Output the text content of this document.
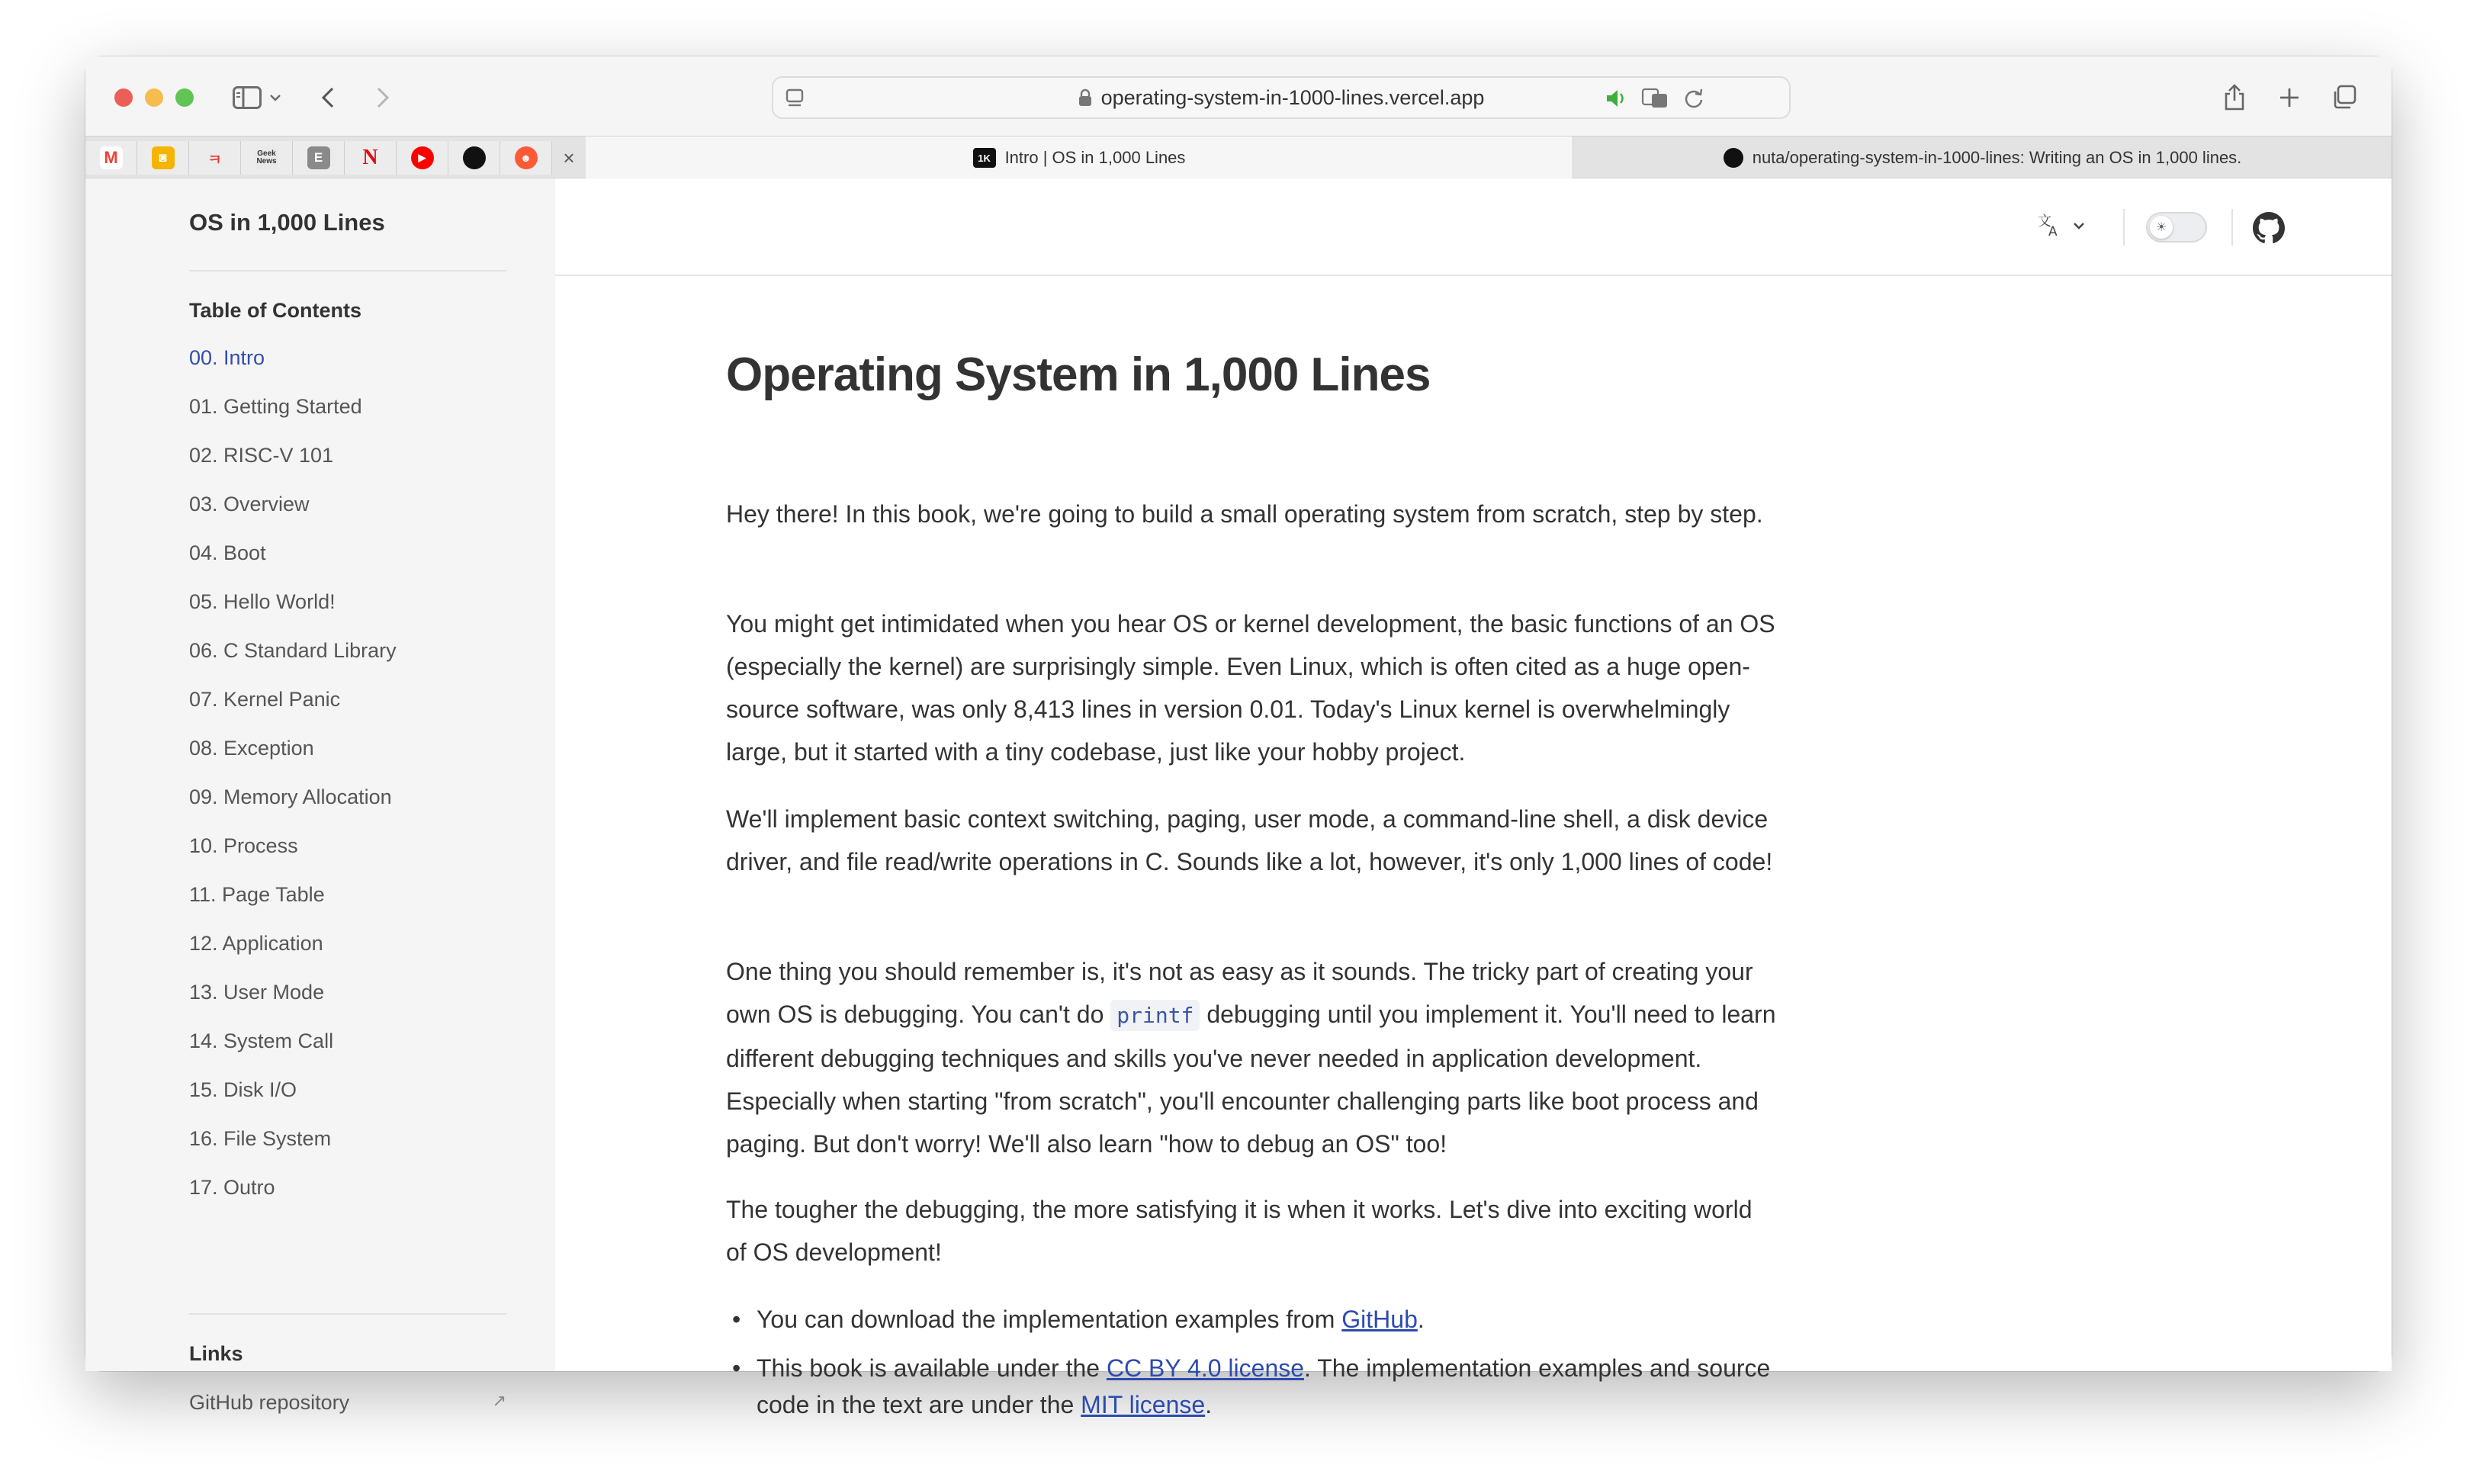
operating-system-in-1000-lines.vercel.app
M	◙	ㅋ	Geek
News	E	N	▶	☻ ×	1K Intro | OS in 1,000 Lines	nuta/operating-system-in-1000-lines: Writing an OS in 1,000 lines.
OS in 1,000 Lines
Table of Contents
00. Intro
01. Getting Started
02. RISC-V 101
03. Overview
04. Boot
05. Hello World!
06. C Standard Library
07. Kernel Panic
08. Exception
09. Memory Allocation
10. Process
11. Page Table
12. Application
13. User Mode
14. System Call
15. Disk I/O
16. File System
17. Outro
Links
GitHub repository	↗
文
A	☀
Operating System in 1,000 Lines

Hey there! In this book, we're going to build a small operating system from scratch, step by step.

You might get intimidated when you hear OS or kernel development, the basic functions of an OS (especially the kernel) are surprisingly simple. Even Linux, which is often cited as a huge open-source software, was only 8,413 lines in version 0.01. Today's Linux kernel is overwhelmingly large, but it started with a tiny codebase, just like your hobby project.

We'll implement basic context switching, paging, user mode, a command-line shell, a disk device driver, and file read/write operations in C. Sounds like a lot, however, it's only 1,000 lines of code!

One thing you should remember is, it's not as easy as it sounds. The tricky part of creating your own OS is debugging. You can't do printf debugging until you implement it. You'll need to learn different debugging techniques and skills you've never needed in application development. Especially when starting "from scratch", you'll encounter challenging parts like boot process and paging. But don't worry! We'll also learn "how to debug an OS" too!

The tougher the debugging, the more satisfying it is when it works. Let's dive into exciting world of OS development!

• You can download the implementation examples from GitHub.
• This book is available under the CC BY 4.0 license. The implementation examples and source code in the text are under the MIT license.
